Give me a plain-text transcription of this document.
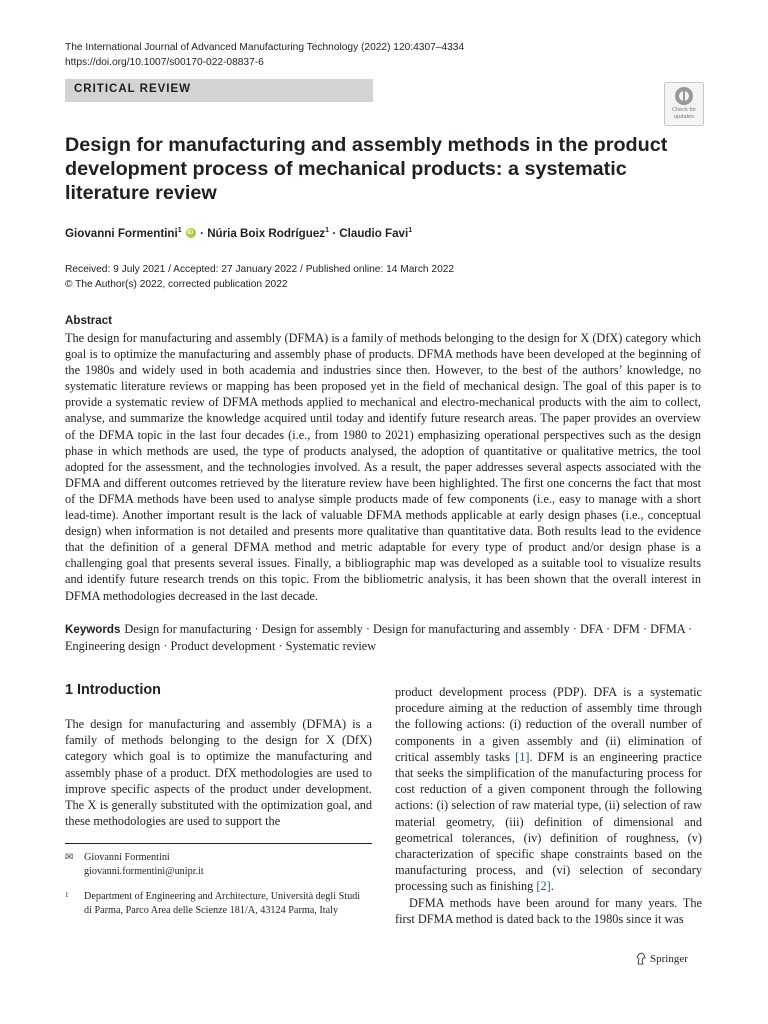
The International Journal of Advanced Manufacturing Technology (2022) 120:4307–4334
https://doi.org/10.1007/s00170-022-08837-6
CRITICAL REVIEW
Check for
updates
Design for manufacturing and assembly methods in the product development process of mechanical products: a systematic literature review
Giovanni Formentini$^1$ iD · Núria Boix Rodríguez$^1$ · Claudio Favi$^1$
Received: 9 July 2021 / Accepted: 27 January 2022 / Published online: 14 March 2022
© The Author(s) 2022, corrected publication 2022
Abstract

The design for manufacturing and assembly (DFMA) is a family of methods belonging to the design for X (DfX) category which goal is to optimize the manufacturing and assembly phase of products. DFMA methods have been developed at the beginning of the 1980s and widely used in both academia and industries since then. However, to the best of the authors’ knowledge, no systematic literature reviews or mapping has been proposed yet in the field of mechanical design. The goal of this paper is to provide a systematic review of DFMA methods applied to mechanical and electro-mechanical products with the aim to collect, analyse, and summarize the knowledge acquired until today and identify future research areas. The paper provides an overview of the DFMA topic in the last four decades (i.e., from 1980 to 2021) emphasizing operational perspectives such as the design phase in which methods are used, the type of products analysed, the adoption of quantitative or qualitative metrics, the tool adopted for the assessment, and the technologies involved. As a result, the paper addresses several aspects associated with the DFMA and different outcomes retrieved by the literature review have been highlighted. The first one concerns the fact that most of the DFMA methods have been used to analyse simple products made of few components (i.e., easy to manage with a short lead-time). Another important result is the lack of valuable DFMA methods applicable at early design phases (i.e., conceptual design) when information is not detailed and presents more qualitative than quantitative data. Both results lead to the evidence that the definition of a general DFMA method and metric adaptable for every type of product and/or design phase is a challenging goal that presents several issues. Finally, a bibliographic map was developed as a suitable tool to visualize results and identify future research trends on this topic. From the bibliometric analysis, it has been shown that the overall interest in DFMA methodologies decreased in the last decade.

Keywords Design for manufacturing · Design for assembly · Design for manufacturing and assembly · DFA · DFM · DFMA · Engineering design · Product development · Systematic review
1 Introduction

The design for manufacturing and assembly (DFMA) is a family of methods belonging to the design for X (DfX) category which goal is to optimize the manufacturing and assembly phase of a product. DfX methodologies are used to improve specific aspects of the product under development. The X is generally substituted with the optimization goal, and these methodologies are used to support the

product development process (PDP). DFA is a systematic procedure aiming at the reduction of assembly time through the following actions: (i) reduction of the overall number of components in a given assembly and (ii) elimination of critical assembly tasks [1]. DFM is an engineering practice that seeks the simplification of the manufacturing process for cost reduction of a given component through the following actions: (i) selection of raw material type, (ii) selection of raw material geometry, (iii) definition of dimensional and geometrical tolerances, (iv) definition of roughness, (v) characterization of specific shape constraints based on the manufacturing process, and (vi) selection of secondary processing such as finishing [2].

DFMA methods have been around for many years. The first DFMA method is dated back to the 1980s since it was

✉ Giovanni Formentini
giovanni.formentini@unipr.it
1 Department of Engineering and Architecture, Università degli Studi di Parma, Parco Area delle Scienze 181/A, 43124 Parma, Italy
Springer
